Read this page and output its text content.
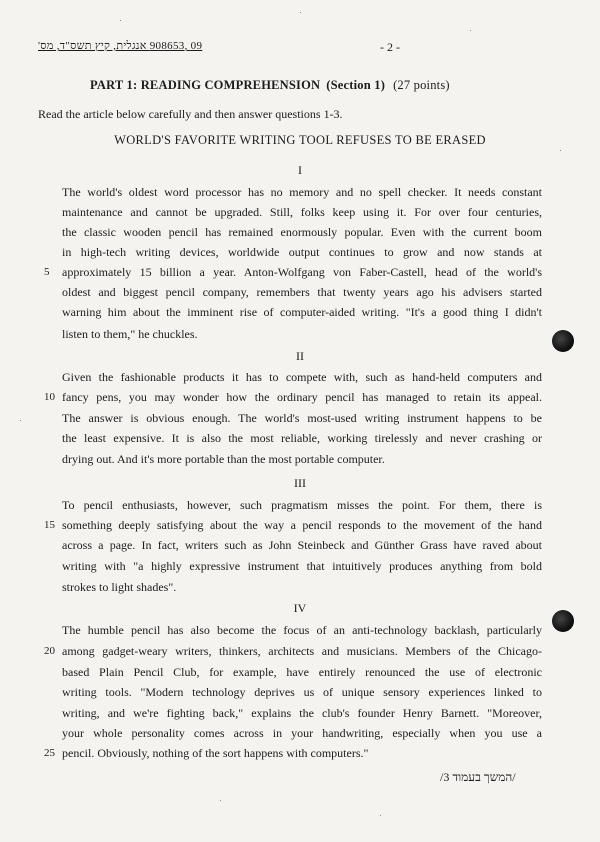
09 ,908653 אנגלית, קיץ תשס"ד, מס'	- 2 -
PART 1: READING COMPREHENSION (Section 1) (27 points)
Read the article below carefully and then answer questions 1-3.
WORLD'S FAVORITE WRITING TOOL REFUSES TO BE ERASED
I
The world's oldest word processor has no memory and no spell checker. It needs constant
maintenance and cannot be upgraded. Still, folks keep using it. For over four centuries,
the classic wooden pencil has remained enormously popular. Even with the current boom
in high-tech writing devices, worldwide output continues to grow and now stands at
approximately 15 billion a year. Anton-Wolfgang von Faber-Castell, head of the world's
oldest and biggest pencil company, remembers that twenty years ago his advisers started
warning him about the imminent rise of computer-aided writing. "It's a good thing I didn't
listen to them," he chuckles.
II
Given the fashionable products it has to compete with, such as hand-held computers and
fancy pens, you may wonder how the ordinary pencil has managed to retain its appeal.
The answer is obvious enough. The world's most-used writing instrument happens to be
the least expensive. It is also the most reliable, working tirelessly and never crashing or
drying out. And it's more portable than the most portable computer.
III
To pencil enthusiasts, however, such pragmatism misses the point. For them, there is
something deeply satisfying about the way a pencil responds to the movement of the hand
across a page. In fact, writers such as John Steinbeck and Günther Grass have raved about
writing with "a highly expressive instrument that intuitively produces anything from bold
strokes to light shades".
IV
The humble pencil has also become the focus of an anti-technology backlash, particularly
among gadget-weary writers, thinkers, architects and musicians. Members of the Chicago-
based Plain Pencil Club, for example, have entirely renounced the use of electronic
writing tools. "Modern technology deprives us of unique sensory experiences linked to
writing, and we're fighting back," explains the club's founder Henry Barnett. "Moreover,
your whole personality comes across in your handwriting, especially when you use a
pencil. Obviously, nothing of the sort happens with computers."
5
10
15
20
25
/המשך בעמוד 3/
